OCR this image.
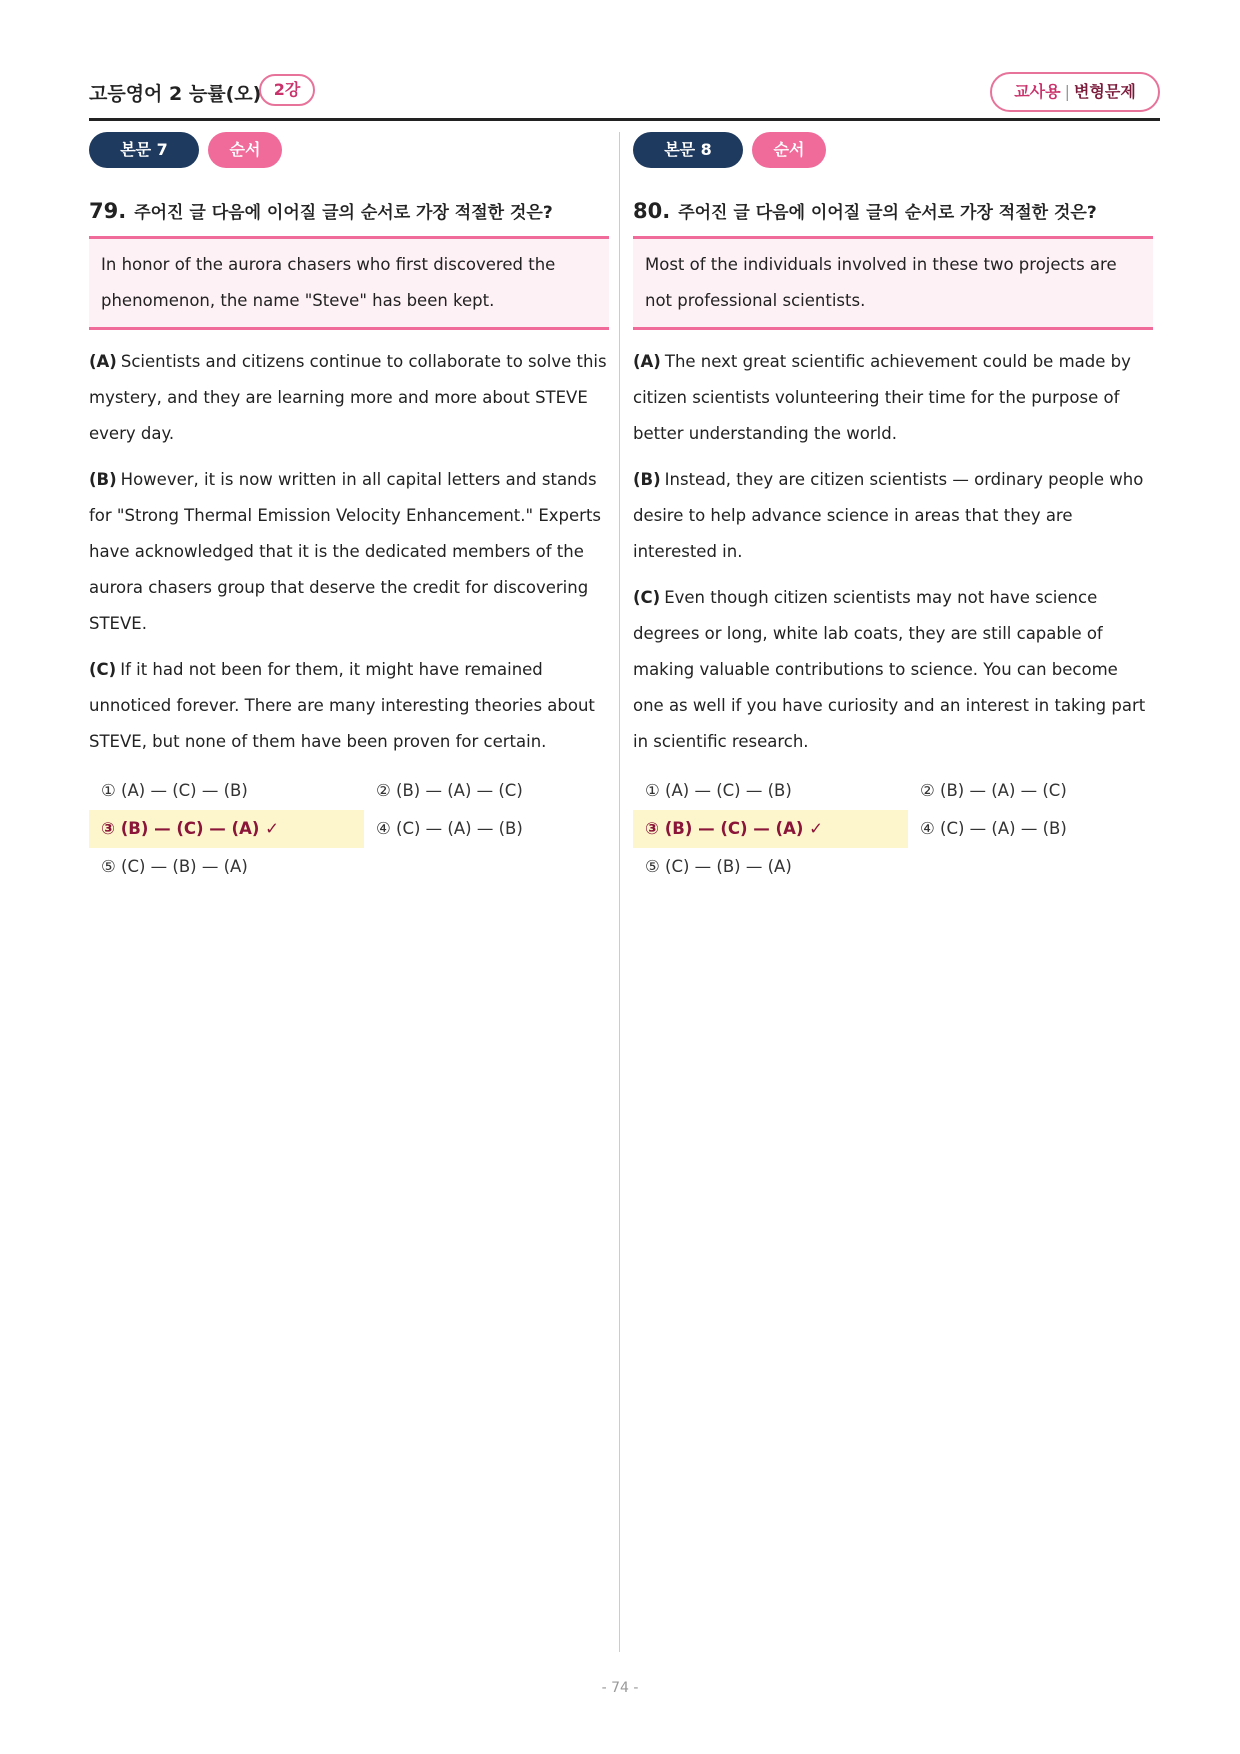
고등영어 2 능률(오) 2강	교사용 | 변형문제
본문 7	순서
79. 주어진 글 다음에 이어질 글의 순서로 가장 적절한 것은?
In honor of the aurora chasers who first discovered the phenomenon, the name "Steve" has been kept.
(A) Scientists and citizens continue to collaborate to solve this mystery, and they are learning more and more about STEVE every day.
(B) However, it is now written in all capital letters and stands for "Strong Thermal Emission Velocity Enhancement." Experts have acknowledged that it is the dedicated members of the aurora chasers group that deserve the credit for discovering STEVE.
(C) If it had not been for them, it might have remained unnoticed forever. There are many interesting theories about STEVE, but none of them have been proven for certain.
① (A) — (C) — (B)	② (B) — (A) — (C)
③ (B) — (C) — (A) ✓	④ (C) — (A) — (B)
⑤ (C) — (B) — (A)
본문 8	순서
80. 주어진 글 다음에 이어질 글의 순서로 가장 적절한 것은?
Most of the individuals involved in these two projects are not professional scientists.
(A) The next great scientific achievement could be made by citizen scientists volunteering their time for the purpose of better understanding the world.
(B) Instead, they are citizen scientists — ordinary people who desire to help advance science in areas that they are interested in.
(C) Even though citizen scientists may not have science degrees or long, white lab coats, they are still capable of making valuable contributions to science. You can become one as well if you have curiosity and an interest in taking part in scientific research.
① (A) — (C) — (B)	② (B) — (A) — (C)
③ (B) — (C) — (A) ✓	④ (C) — (A) — (B)
⑤ (C) — (B) — (A)
- 74 -
